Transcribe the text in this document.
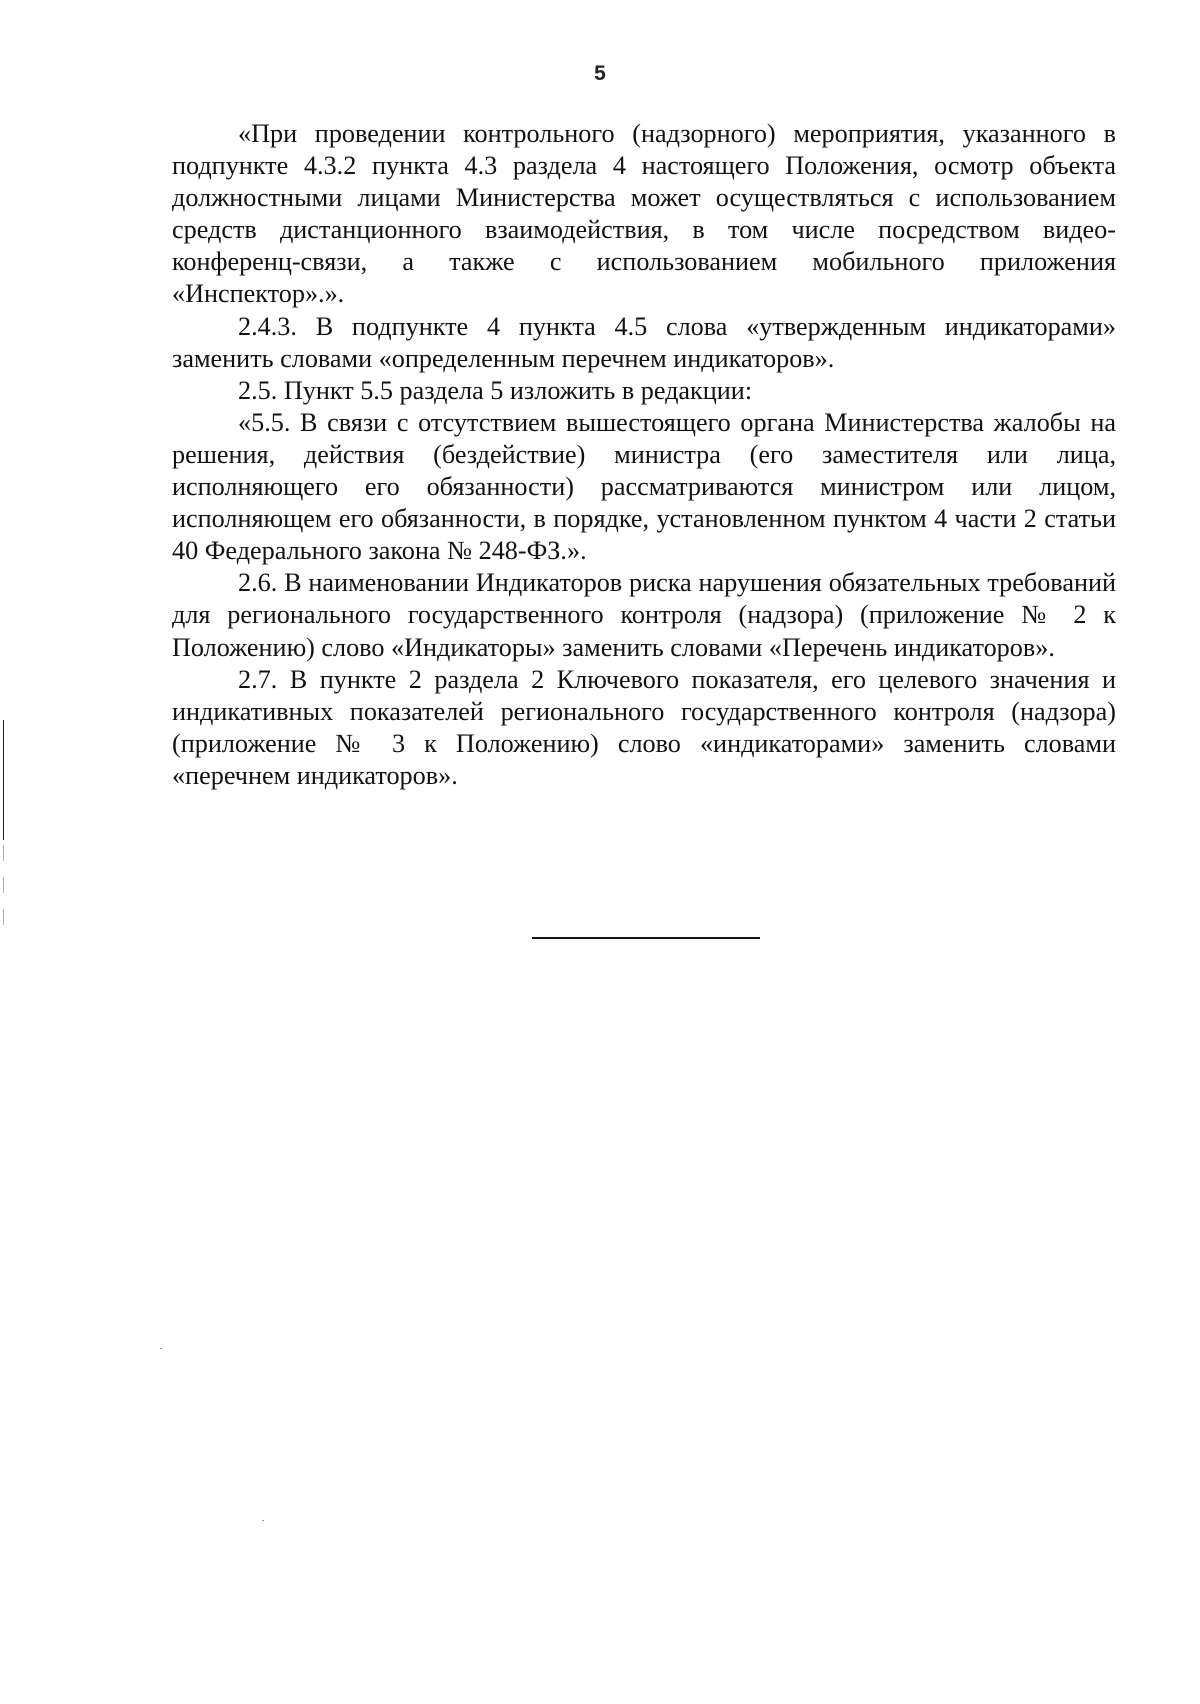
5

«При проведении контрольного (надзорного) мероприятия, указанного в подпункте 4.3.2 пункта 4.3 раздела 4 настоящего Положения, осмотр объекта должностными лицами Министерства может осуществляться с использованием средств дистанционного взаимодействия, в том числе посредством видео-конференц-связи, а также с использованием мобильного приложения «Инспектор».».

2.4.3. В подпункте 4 пункта 4.5 слова «утвержденным индикаторами» заменить словами «определенным перечнем индикаторов».

2.5. Пункт 5.5 раздела 5 изложить в редакции:

«5.5. В связи с отсутствием вышестоящего органа Министерства жалобы на решения, действия (бездействие) министра (его заместителя или лица, исполняющего его обязанности) рассматриваются министром или лицом, исполняющем его обязанности, в порядке, установленном пунктом 4 части 2 статьи 40 Федерального закона № 248-ФЗ.».

2.6. В наименовании Индикаторов риска нарушения обязательных требований для регионального государственного контроля (надзора) (приложение № 2 к Положению) слово «Индикаторы» заменить словами «Перечень индикаторов».

2.7. В пункте 2 раздела 2 Ключевого показателя, его целевого значения и индикативных показателей регионального государственного контроля (надзора) (приложение № 3 к Положению) слово «индикаторами» заменить словами «перечнем индикаторов».
